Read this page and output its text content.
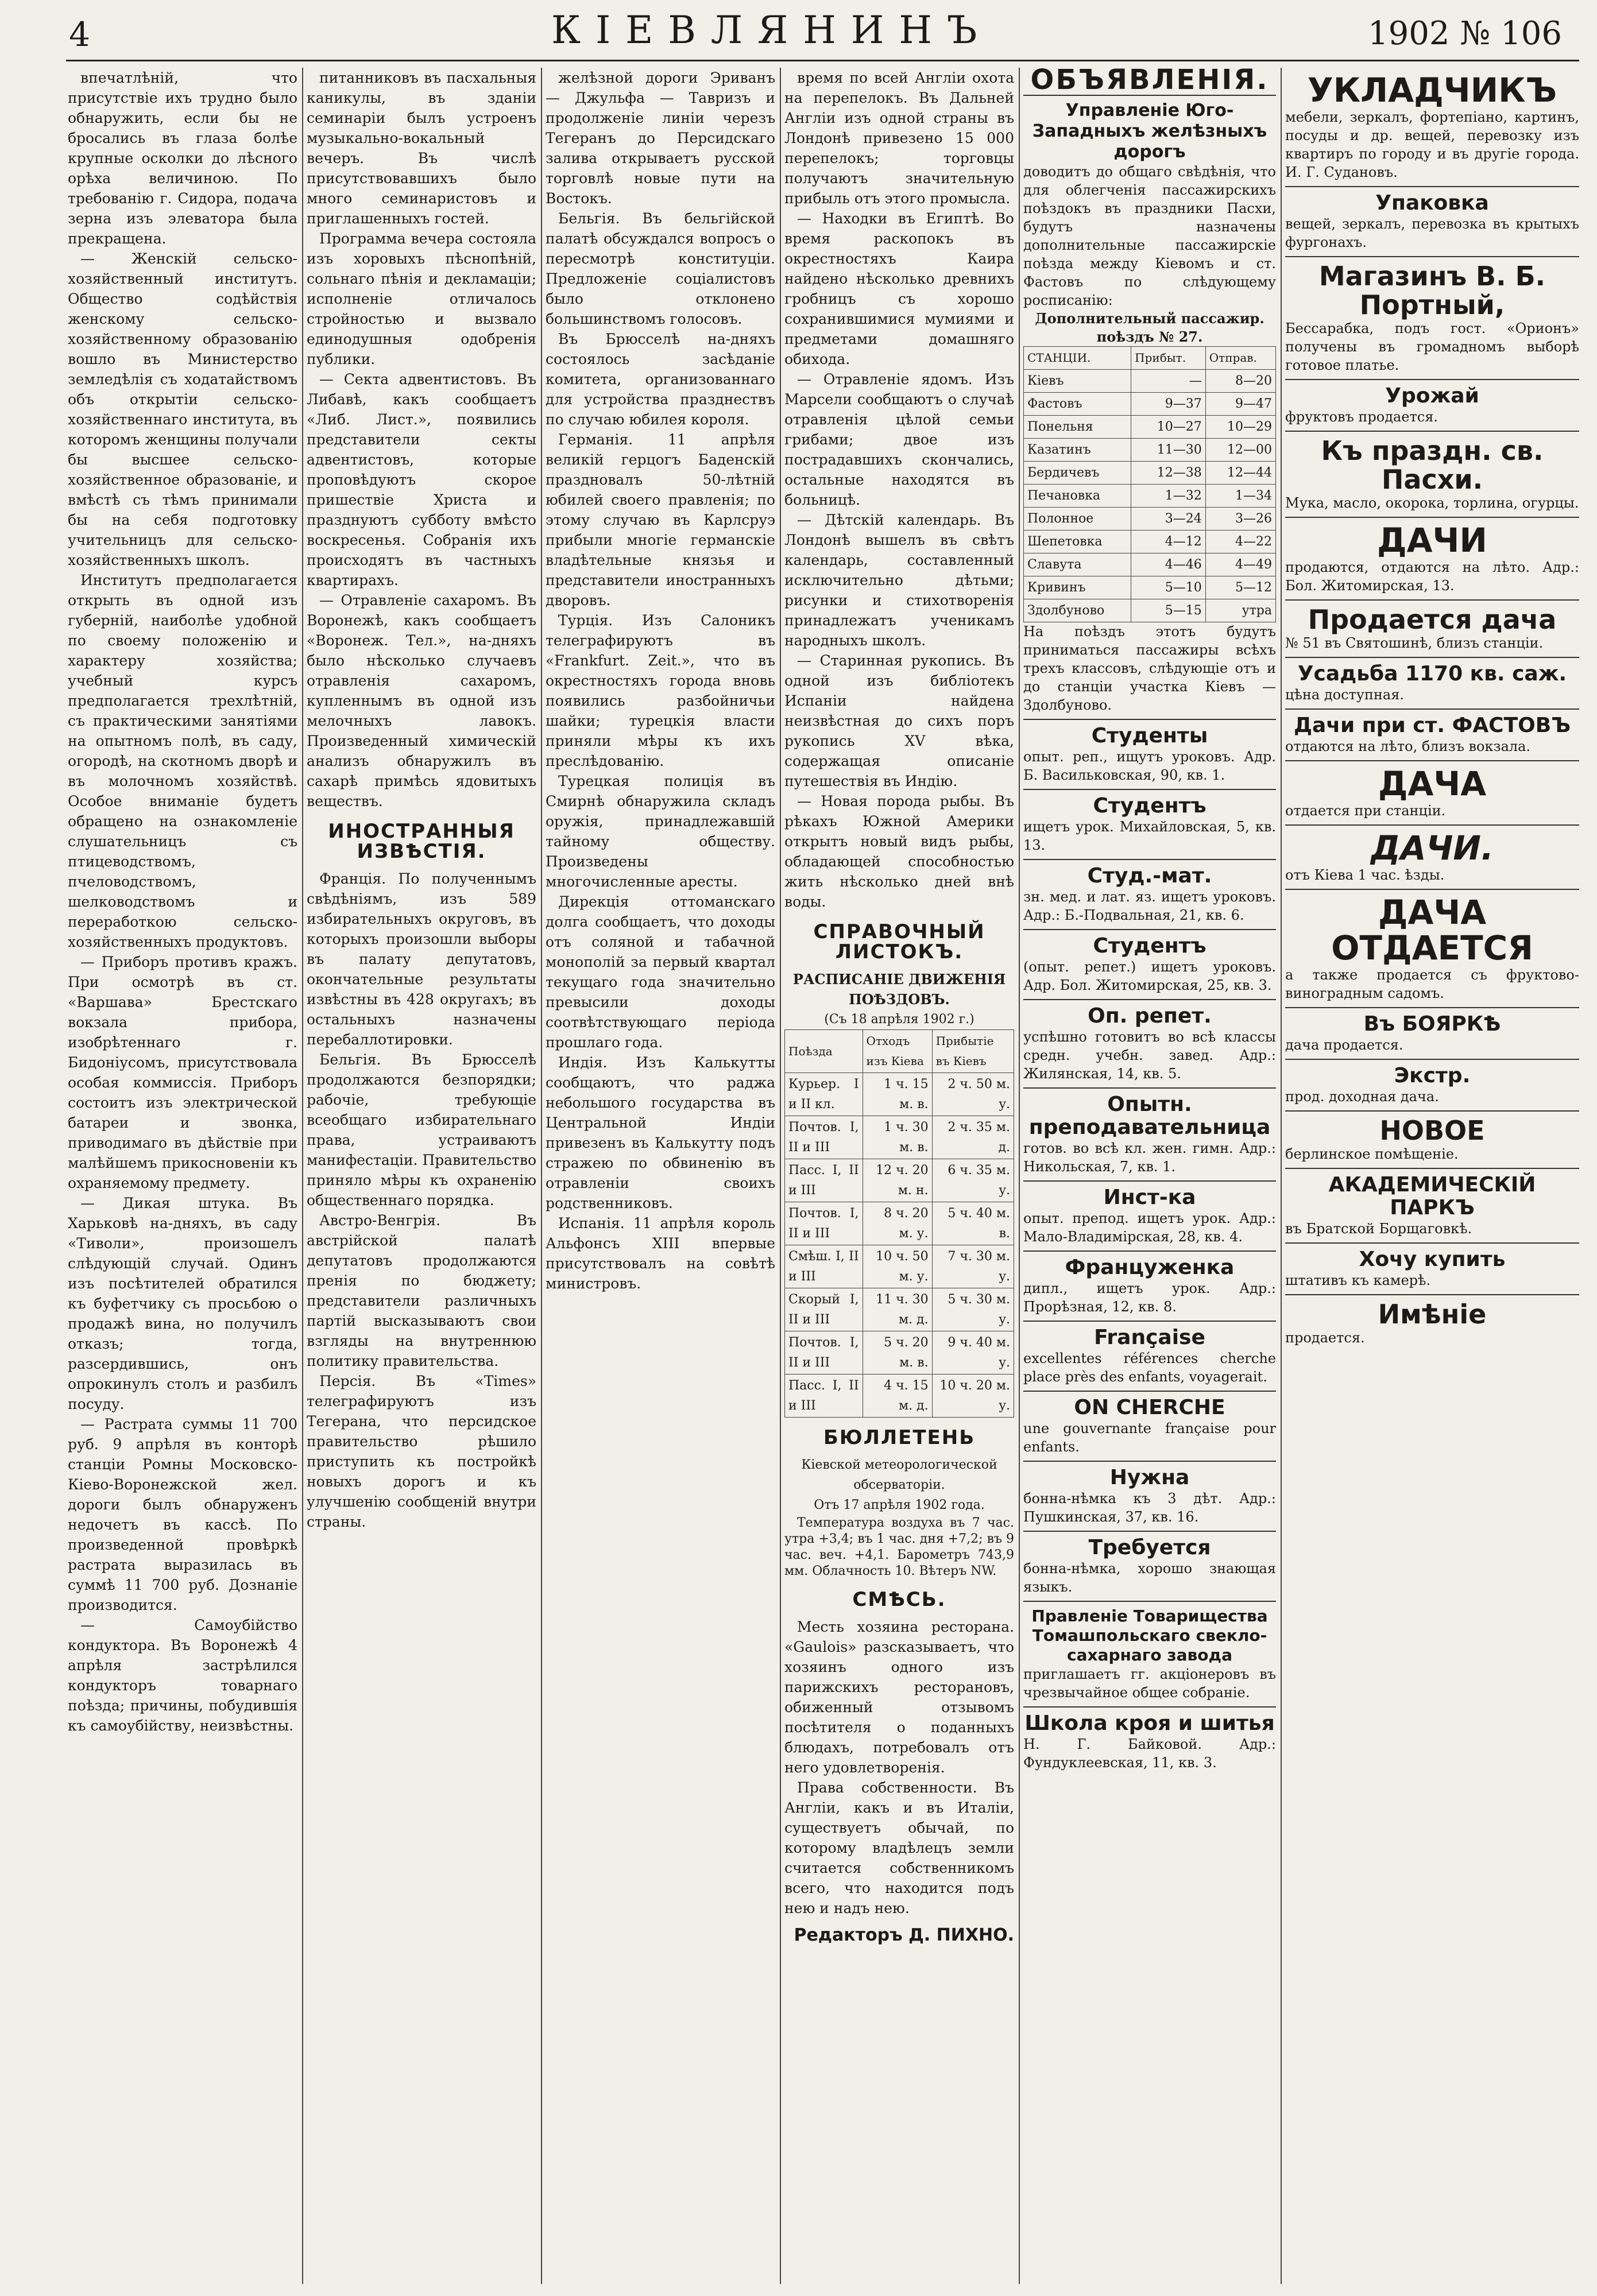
4	КІЕВЛЯНИНЪ	1902 № 106

впечатлѣній, что присутствіе ихъ трудно было обнаружить, если бы не бросались въ глаза болѣе крупные осколки до лѣсного орѣха величиною. По требованію г. Сидора, подача зерна изъ элеватора была прекращена.

— Женскій сельско-хозяйственный институтъ. Общество содѣйствія женскому сельско-хозяйственному образованію вошло въ Министерство земледѣлія съ ходатайствомъ объ открытіи сельско-хозяйственнаго института, въ которомъ женщины получали бы высшее сельско-хозяйственное образованіе, и вмѣстѣ съ тѣмъ принимали бы на себя подготовку учительницъ для сельско-хозяйственныхъ школъ.

Институтъ предполагается открыть въ одной изъ губерній, наиболѣе удобной по своему положенію и характеру хозяйства; учебный курсъ предполагается трехлѣтній, съ практическими занятіями на опытномъ полѣ, въ саду, огородѣ, на скотномъ дворѣ и въ молочномъ хозяйствѣ. Особое вниманіе будетъ обращено на ознакомленіе слушательницъ съ птицеводствомъ, пчеловодствомъ, шелководствомъ и переработкою сельско-хозяйственныхъ продуктовъ.

— Приборъ противъ кражъ. При осмотрѣ въ ст. «Варшава» Брестскаго вокзала прибора, изобрѣтеннаго г. Бидоніусомъ, присутствовала особая коммиссія. Приборъ состоитъ изъ электрической батареи и звонка, приводимаго въ дѣйствіе при малѣйшемъ прикосновеніи къ охраняемому предмету.

— Дикая штука. Въ Харьковѣ на-дняхъ, въ саду «Тиволи», произошелъ слѣдующій случай. Одинъ изъ посѣтителей обратился къ буфетчику съ просьбою о продажѣ вина, но получилъ отказъ; тогда, разсердившись, онъ опрокинулъ столъ и разбилъ посуду.

— Растрата суммы 11 700 руб. 9 апрѣля въ конторѣ станціи Ромны Московско-Кіево-Воронежской жел. дороги былъ обнаруженъ недочетъ въ кассѣ. По произведенной провѣркѣ растрата выразилась въ суммѣ 11 700 руб. Дознаніе производится.

— Самоубійство кондуктора. Въ Воронежѣ 4 апрѣля застрѣлился кондукторъ товарнаго поѣзда; причины, побудившія къ самоубійству, неизвѣстны.

питанниковъ въ пасхальныя каникулы, въ зданіи семинаріи былъ устроенъ музыкально-вокальный вечеръ. Въ числѣ присутствовавшихъ было много семинаристовъ и приглашенныхъ гостей.

Программа вечера состояла изъ хоровыхъ пѣснопѣній, сольнаго пѣнія и декламаціи; исполненіе отличалось стройностью и вызвало единодушныя одобренія публики.

— Секта адвентистовъ. Въ Либавѣ, какъ сообщаетъ «Либ. Лист.», появились представители секты адвентистовъ, которые проповѣдуютъ скорое пришествіе Христа и празднуютъ субботу вмѣсто воскресенья. Собранія ихъ происходятъ въ частныхъ квартирахъ.

— Отравленіе сахаромъ. Въ Воронежѣ, какъ сообщаетъ «Воронеж. Тел.», на-дняхъ было нѣсколько случаевъ отравленія сахаромъ, купленнымъ въ одной изъ мелочныхъ лавокъ. Произведенный химическій анализъ обнаружилъ въ сахарѣ примѣсь ядовитыхъ веществъ.

ИНОСТРАННЫЯ ИЗВѢСТІЯ.

Франція. По полученнымъ свѣдѣніямъ, изъ 589 избирательныхъ округовъ, въ которыхъ произошли выборы въ палату депутатовъ, окончательные результаты извѣстны въ 428 округахъ; въ остальныхъ назначены перебаллотировки.

Бельгія. Въ Брюсселѣ продолжаются безпорядки; рабочіе, требующіе всеобщаго избирательнаго права, устраиваютъ манифестаціи. Правительство приняло мѣры къ охраненію общественнаго порядка.

Австро-Венгрія. Въ австрійской палатѣ депутатовъ продолжаются пренія по бюджету; представители различныхъ партій высказываютъ свои взгляды на внутреннюю политику правительства.

Персія. Въ «Times» телеграфируютъ изъ Тегерана, что персидское правительство рѣшило приступить къ постройкѣ новыхъ дорогъ и къ улучшенію сообщеній внутри страны.

желѣзной дороги Эриванъ — Джульфа — Тавризъ и продолженіе линіи черезъ Тегеранъ до Персидскаго залива открываетъ русской торговлѣ новые пути на Востокъ.

Бельгія. Въ бельгійской палатѣ обсуждался вопросъ о пересмотрѣ конституціи. Предложеніе соціалистовъ было отклонено большинствомъ голосовъ.

Въ Брюсселѣ на-дняхъ состоялось засѣданіе комитета, организованнаго для устройства празднествъ по случаю юбилея короля.

Германія. 11 апрѣля великій герцогъ Баденскій праздновалъ 50-лѣтній юбилей своего правленія; по этому случаю въ Карлсруэ прибыли многіе германскіе владѣтельные князья и представители иностранныхъ дворовъ.

Турція. Изъ Салоникъ телеграфируютъ въ «Frankfurt. Zeit.», что въ окрестностяхъ города вновь появились разбойничьи шайки; турецкія власти приняли мѣры къ ихъ преслѣдованію.

Турецкая полиція въ Смирнѣ обнаружила складъ оружія, принадлежавшій тайному обществу. Произведены многочисленные аресты.

Дирекція оттоманскаго долга сообщаетъ, что доходы отъ соляной и табачной монополій за первый квартал текущаго года значительно превысили доходы соотвѣтствующаго періода прошлаго года.

Индія. Изъ Калькутты сообщаютъ, что раджа небольшого государства въ Центральной Индіи привезенъ въ Калькутту подъ стражею по обвиненію въ отравленіи своихъ родственниковъ.

Испанія. 11 апрѣля король Альфонсъ XIII впервые присутствовалъ на совѣтѣ министровъ.

время по всей Англіи охота на перепелокъ. Въ Дальней Англіи изъ одной страны въ Лондонѣ привезено 15 000 перепелокъ; торговцы получаютъ значительную прибыль отъ этого промысла.

— Находки въ Египтѣ. Во время раскопокъ въ окрестностяхъ Каира найдено нѣсколько древнихъ гробницъ съ хорошо сохранившимися мумиями и предметами домашняго обихода.

— Отравленіе ядомъ. Изъ Марсели сообщаютъ о случаѣ отравленія цѣлой семьи грибами; двое изъ пострадавшихъ скончались, остальные находятся въ больницѣ.

— Дѣтскій календарь. Въ Лондонѣ вышелъ въ свѣтъ календарь, составленный исключительно дѣтьми; рисунки и стихотворенія принадлежатъ ученикамъ народныхъ школъ.

— Старинная рукопись. Въ одной изъ библіотекъ Испаніи найдена неизвѣстная до сихъ поръ рукопись XV вѣка, содержащая описаніе путешествія въ Индію.

— Новая порода рыбы. Въ рѣкахъ Южной Америки открытъ новый видъ рыбы, обладающей способностью жить нѣсколько дней внѣ воды.

СПРАВОЧНЫЙ ЛИСТОКЪ.
РАСПИСАНІЕ ДВИЖЕНІЯ ПОѢЗДОВЪ.
(Съ 18 апрѣля 1902 г.)
Поѣзда	Отходъ изъ Кіева	Прибытіе въ Кіевъ
Курьер. I и II кл.	1 ч. 15 м. в.	2 ч. 50 м. у.
Почтов. I, II и III	1 ч. 30 м. в.	2 ч. 35 м. д.
Пасс. I, II и III	12 ч. 20 м. н.	6 ч. 35 м. у.
Почтов. I, II и III	8 ч. 20 м. у.	5 ч. 40 м. в.
Смѣш. I, II и III	10 ч. 50 м. у.	7 ч. 30 м. у.
Скорый I, II и III	11 ч. 30 м. д.	5 ч. 30 м. у.
Почтов. I, II и III	5 ч. 20 м. в.	9 ч. 40 м. у.
Пасс. I, II и III	4 ч. 15 м. д.	10 ч. 20 м. у.
БЮЛЛЕТЕНЬ
Кіевской метеорологической обсерваторіи.
Отъ 17 апрѣля 1902 года.

Температура воздуха въ 7 час. утра +3,4; въ 1 час. дня +7,2; въ 9 час. веч. +4,1. Барометръ 743,9 мм. Облачность 10. Вѣтеръ NW.

СМѢСЬ.

Месть хозяина ресторана. «Gaulois» разсказываетъ, что хозяинъ одного изъ парижскихъ ресторановъ, обиженный отзывомъ посѣтителя о поданныхъ блюдахъ, потребовалъ отъ него удовлетворенія.

Права собственности. Въ Англіи, какъ и въ Италіи, существуетъ обычай, по которому владѣлецъ земли считается собственникомъ всего, что находится подъ нею и надъ нею.

Редакторъ Д. ПИХНО.
ОБЪЯВЛЕНІЯ.
Управленіе Юго-Западныхъ желѣзныхъ дорогъ
доводитъ до общаго свѣдѣнія, что для облегченія пассажирскихъ поѣздокъ въ праздники Пасхи, будутъ назначены дополнительные пассажирскіе поѣзда между Кіевомъ и ст. Фастовъ по слѣдующему росписанію:
Дополнительный пассажир. поѣздъ № 27.
СТАНЦІИ.	Прибыт.	Отправ.
Кіевъ	—	8—20
Фастовъ	9—37	9—47
Понельня	10—27	10—29
Казатинъ	11—30	12—00
Бердичевъ	12—38	12—44
Печановка	1—32	1—34
Полонное	3—24	3—26
Шепетовка	4—12	4—22
Славута	4—46	4—49
Кривинъ	5—10	5—12
Здолбуново	5—15	утра
На поѣздъ этотъ будутъ приниматься пассажиры всѣхъ трехъ классовъ, слѣдующіе отъ и до станціи участка Кіевъ — Здолбуново.
Студенты
опыт. реп., ищутъ уроковъ. Адр. Б. Васильковская, 90, кв. 1.
Студентъ
ищетъ урок. Михайловская, 5, кв. 13.
Студ.-мат.
зн. мед. и лат. яз. ищетъ уроковъ. Адр.: Б.-Подвальная, 21, кв. 6.
Студентъ
(опыт. репет.) ищетъ уроковъ. Адр. Бол. Житомирская, 25, кв. 3.
Оп. репет.
успѣшно готовитъ во всѣ классы средн. учебн. завед. Адр.: Жилянская, 14, кв. 5.
Опытн. преподавательница
готов. во всѣ кл. жен. гимн. Адр.: Никольская, 7, кв. 1.
Инст-ка
опыт. препод. ищетъ урок. Адр.: Мало-Владимірская, 28, кв. 4.
Француженка
дипл., ищетъ урок. Адр.: Прорѣзная, 12, кв. 8.
Française
excellentes références cherche place près des enfants, voyagerait.
ON CHERCHE
une gouvernante française pour enfants.
Нужна
бонна-нѣмка къ 3 дѣт. Адр.: Пушкинская, 37, кв. 16.
Требуется
бонна-нѣмка, хорошо знающая языкъ.
Правленіе Товарищества Томашпольскаго свекло-сахарнаго завода
приглашаетъ гг. акціонеровъ въ чрезвычайное общее собраніе.
Школа кроя и шитья
Н. Г. Байковой. Адр.: Фундуклеевская, 11, кв. 3.
УКЛАДЧИКЪ
мебели, зеркалъ, фортепіано, картинъ, посуды и др. вещей, перевозку изъ квартиръ по городу и въ другіе города. И. Г. Судановъ.
Упаковка
вещей, зеркалъ, перевозка въ крытыхъ фургонахъ.
Магазинъ В. Б. Портный,
Бессарабка, подъ гост. «Орионъ» получены въ громадномъ выборѣ готовое платье.
Урожай
фруктовъ продается.
Къ праздн. св. Пасхи.
Мука, масло, окорока, торлина, огурцы.
ДАЧИ
продаются, отдаются на лѣто. Адр.: Бол. Житомирская, 13.
Продается дача
№ 51 въ Святошинѣ, близъ станціи.
Усадьба 1170 кв. саж.
цѣна доступная.
Дачи при ст. ФАСТОВЪ
отдаются на лѣто, близъ вокзала.
ДАЧА
отдается при станціи.
ДАЧИ.
отъ Кіева 1 час. ѣзды.
ДАЧА ОТДАЕТСЯ
а также продается съ фруктово-виноградным садомъ.
Въ БОЯРКѢ
дача продается.
Экстр.
прод. доходная дача.
НОВОЕ
берлинское помѣщеніе.
АКАДЕМИЧЕСКІЙ ПАРКЪ
въ Братской Борщаговкѣ.
Хочу купить
штативъ къ камерѣ.
Имѣніе
продается.
